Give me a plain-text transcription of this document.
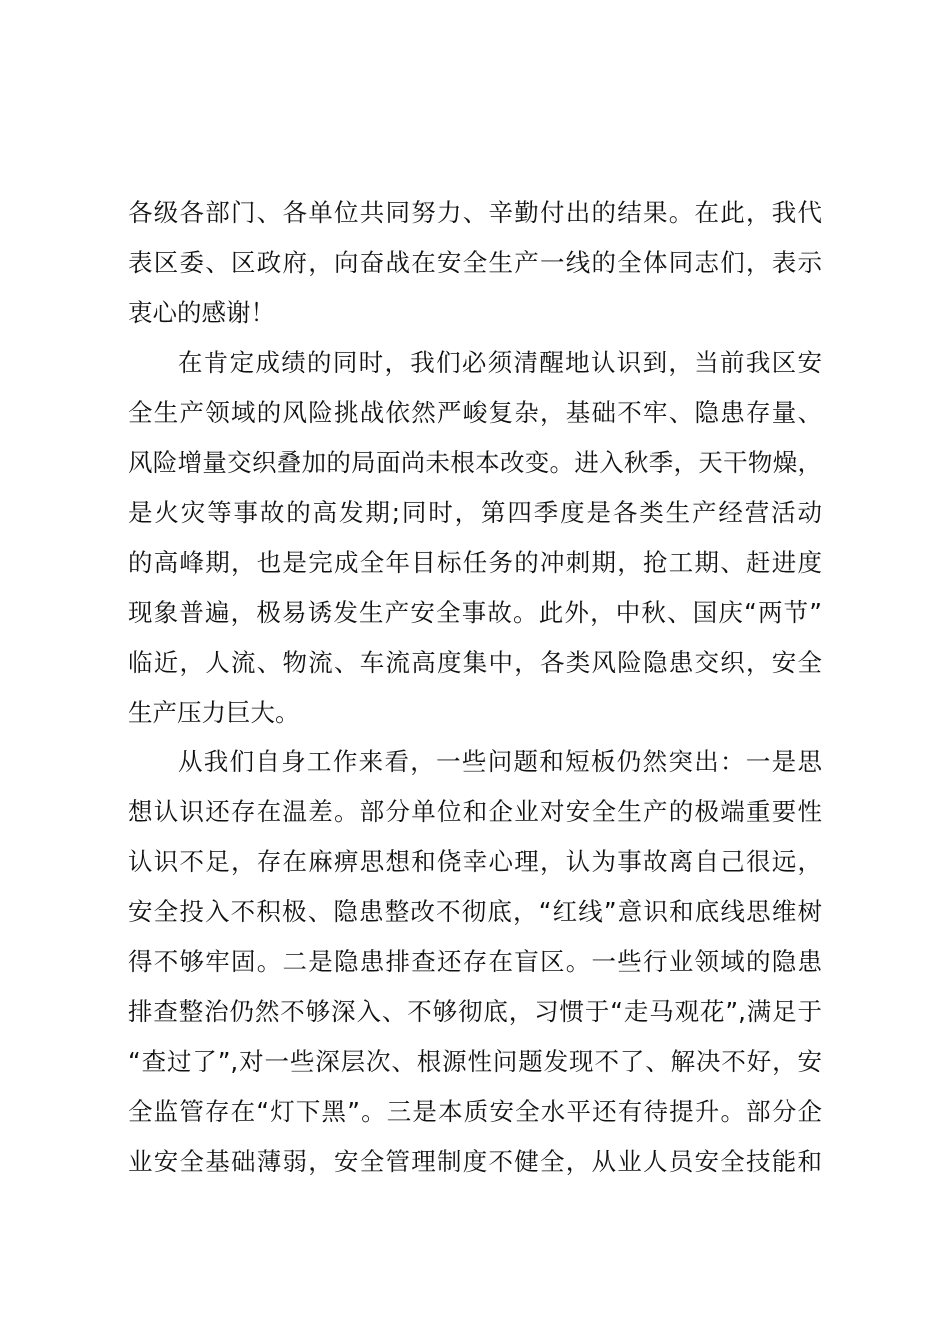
各级各部门、各单位共同努力、辛勤付出的结果。在此，我代
表区委、区政府，向奋战在安全生产一线的全体同志们，表示
衷心的感谢！
在肯定成绩的同时，我们必须清醒地认识到，当前我区安
全生产领域的风险挑战依然严峻复杂，基础不牢、隐患存量、
风险增量交织叠加的局面尚未根本改变。进入秋季，天干物燥，
是火灾等事故的高发期;同时，第四季度是各类生产经营活动
的高峰期，也是完成全年目标任务的冲刺期，抢工期、赶进度
现象普遍，极易诱发生产安全事故。此外，中秋、国庆“两节”
临近，人流、物流、车流高度集中，各类风险隐患交织，安全
生产压力巨大。
从我们自身工作来看，一些问题和短板仍然突出：一是思
想认识还存在温差。部分单位和企业对安全生产的极端重要性
认识不足，存在麻痹思想和侥幸心理，认为事故离自己很远，
安全投入不积极、隐患整改不彻底，“红线”意识和底线思维树
得不够牢固。二是隐患排查还存在盲区。一些行业领域的隐患
排查整治仍然不够深入、不够彻底，习惯于“走马观花”,满足于
“查过了”,对一些深层次、根源性问题发现不了、解决不好，安
全监管存在“灯下黑”。三是本质安全水平还有待提升。部分企
业安全基础薄弱，安全管理制度不健全，从业人员安全技能和
